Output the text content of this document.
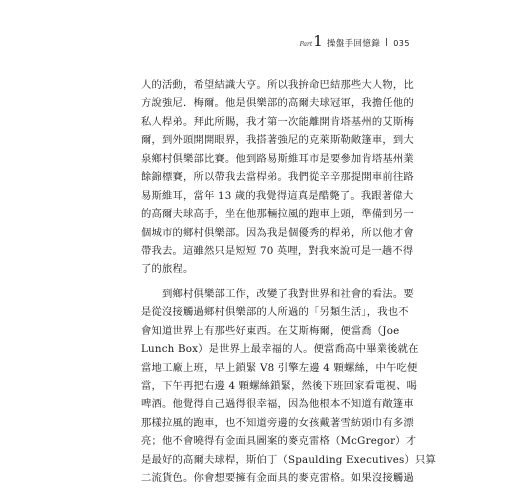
Part 1 操盤手回憶錄 035
人的活動，希望結識大亨。所以我拚命巴結那些大人物，比
方說強尼．梅爾。他是俱樂部的高爾夫球冠軍，我擔任他的
私人桿弟。拜此所賜，我才第一次能離開肯塔基州的艾斯梅
爾，到外頭開開眼界，我搭著強尼的克萊斯勒敞篷車，到大
泉鄉村俱樂部比賽。他到路易斯維耳市是要參加肯塔基州業
餘錦標賽，所以帶我去當桿弟。我們從辛辛那提開車前往路
易斯維耳，當年 13 歲的我覺得這真是酷斃了。我跟著偉大
的高爾夫球高手，坐在他那輛拉風的跑車上頭，準備到另一
個城市的鄉村俱樂部。因為我是個優秀的桿弟，所以他才會
帶我去。這雖然只是短短 70 英哩，對我來說可是一趟不得
了的旅程。
　　到鄉村俱樂部工作，改變了我對世界和社會的看法。要
是從沒接觸過鄉村俱樂部的人所過的「另類生活」，我也不
會知道世界上有那些好東西。在艾斯梅爾，便當喬（Joe
Lunch Box）是世界上最幸福的人。便當喬高中畢業後就在
當地工廠上班，早上鎖緊 V8 引擎左邊 4 顆螺絲，中午吃便
當，下午再把右邊 4 顆螺絲鎖緊，然後下班回家看電視、喝
啤酒。他覺得自己過得很幸福，因為他根本不知道有敞篷車
那樣拉風的跑車，也不知道旁邊的女孩戴著雪紡頭巾有多漂
亮；他不會曉得有金面具圖案的麥克雷格（McGregor）才
是最好的高爾夫球桿，斯伯丁（Spaulding Executives）只算
二流貨色。你會想要擁有金面具的麥克雷格。如果沒接觸過
